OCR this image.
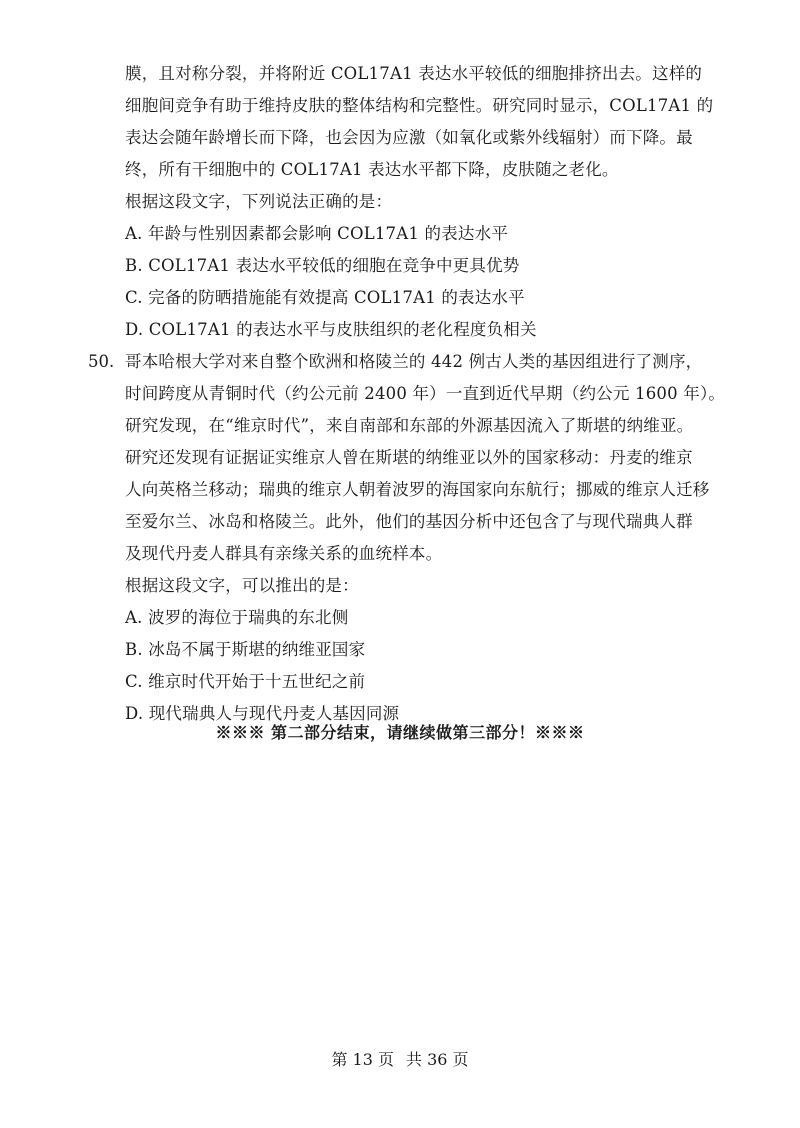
膜，且对称分裂，并将附近 COL17A1 表达水平较低的细胞排挤出去。这样的
细胞间竞争有助于维持皮肤的整体结构和完整性。研究同时显示，COL17A1 的
表达会随年龄增长而下降，也会因为应激（如氧化或紫外线辐射）而下降。最
终，所有干细胞中的 COL17A1 表达水平都下降，皮肤随之老化。
根据这段文字，下列说法正确的是：
A. 年龄与性别因素都会影响 COL17A1 的表达水平
B. COL17A1 表达水平较低的细胞在竞争中更具优势
C. 完备的防晒措施能有效提高 COL17A1 的表达水平
D. COL17A1 的表达水平与皮肤组织的老化程度负相关
50. 哥本哈根大学对来自整个欧洲和格陵兰的 442 例古人类的基因组进行了测序，
时间跨度从青铜时代（约公元前 2400 年）一直到近代早期（约公元 1600 年）。
研究发现，在“维京时代”，来自南部和东部的外源基因流入了斯堪的纳维亚。
研究还发现有证据证实维京人曾在斯堪的纳维亚以外的国家移动：丹麦的维京
人向英格兰移动；瑞典的维京人朝着波罗的海国家向东航行；挪威的维京人迁移
至爱尔兰、冰岛和格陵兰。此外，他们的基因分析中还包含了与现代瑞典人群
及现代丹麦人群具有亲缘关系的血统样本。
根据这段文字，可以推出的是：
A. 波罗的海位于瑞典的东北侧
B. 冰岛不属于斯堪的纳维亚国家
C. 维京时代开始于十五世纪之前
D. 现代瑞典人与现代丹麦人基因同源
※※※ 第二部分结束，请继续做第三部分！※※※
第 13 页 共 36 页
